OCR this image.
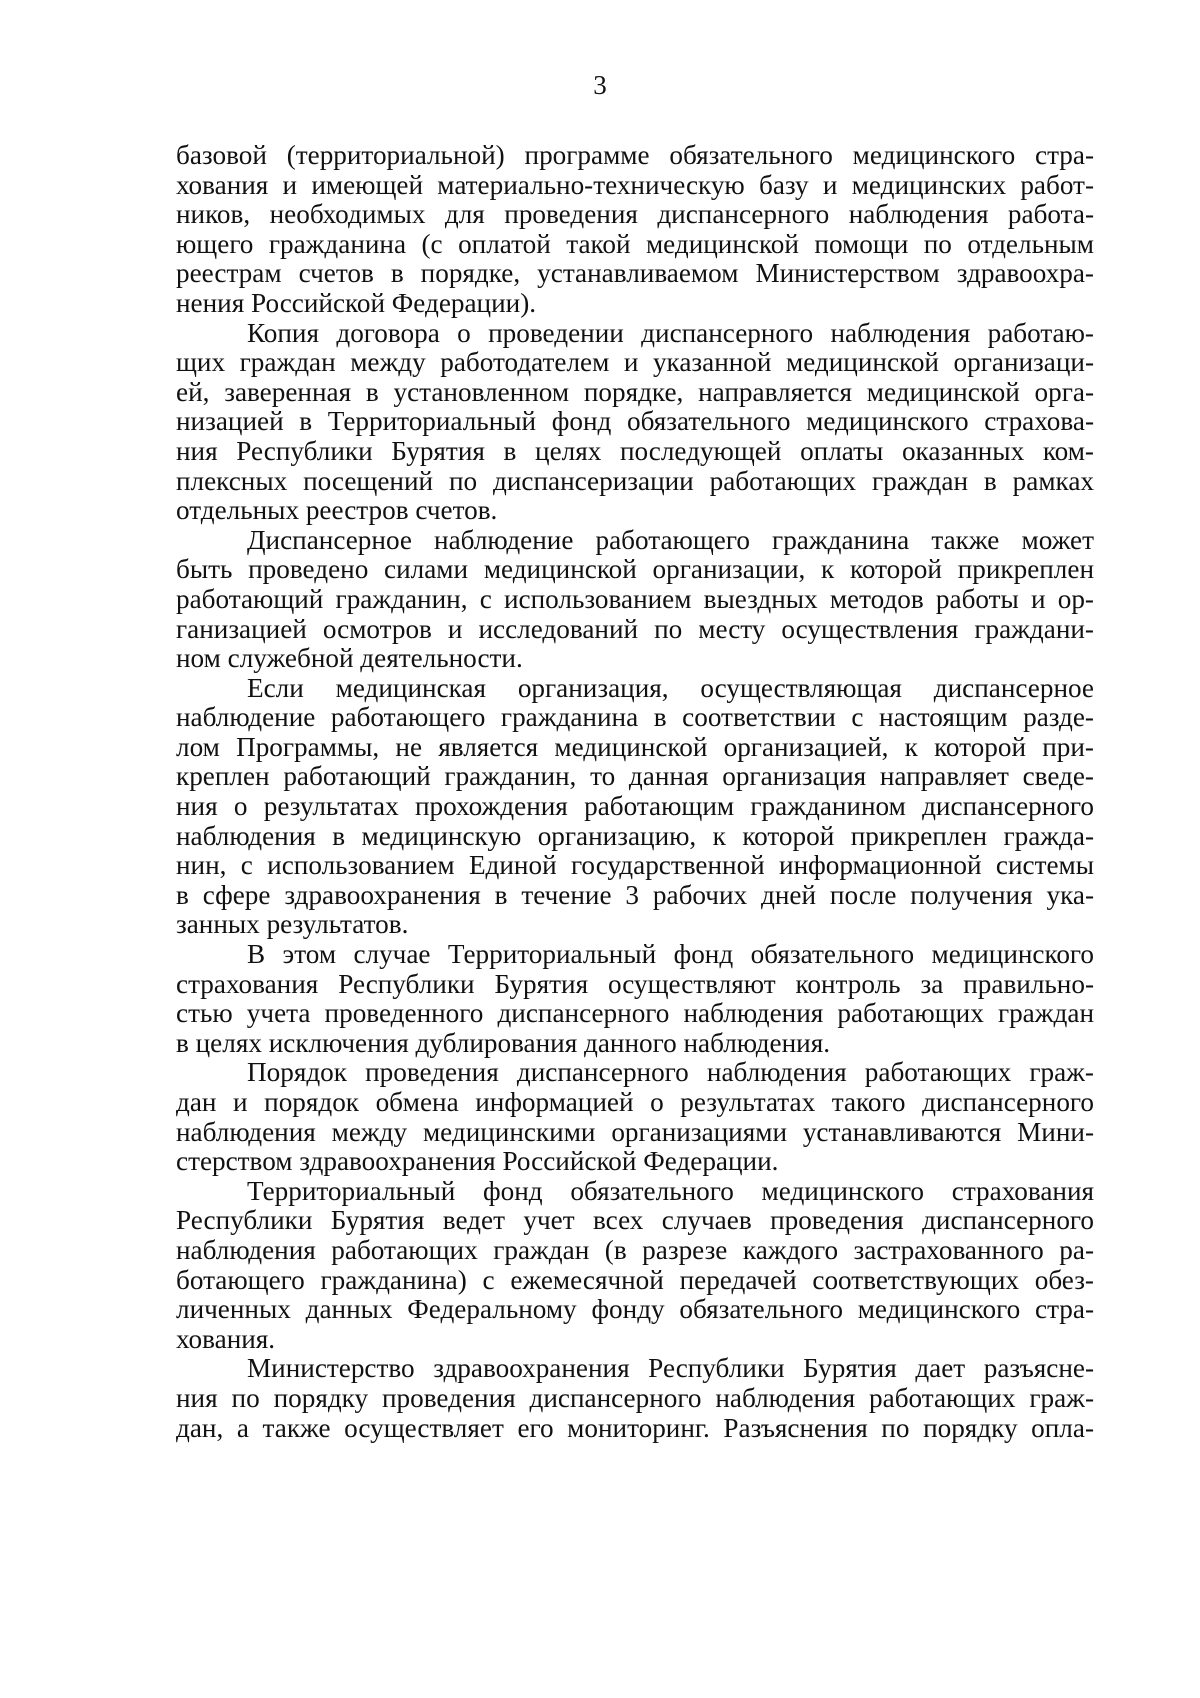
3
базовой (территориальной) программе обязательного медицинского стра-
хования и имеющей материально-техническую базу и медицинских работ-
ников, необходимых для проведения диспансерного наблюдения работа-
ющего гражданина (с оплатой такой медицинской помощи по отдельным
реестрам счетов в порядке, устанавливаемом Министерством здравоохра-
нения Российской Федерации).
Копия договора о проведении диспансерного наблюдения работаю-
щих граждан между работодателем и указанной медицинской организаци-
ей, заверенная в установленном порядке, направляется медицинской орга-
низацией в Территориальный фонд обязательного медицинского страхова-
ния Республики Бурятия в целях последующей оплаты оказанных ком-
плексных посещений по диспансеризации работающих граждан в рамках
отдельных реестров счетов.
Диспансерное наблюдение работающего гражданина также может
быть проведено силами медицинской организации, к которой прикреплен
работающий гражданин, с использованием выездных методов работы и ор-
ганизацией осмотров и исследований по месту осуществления граждани-
ном служебной деятельности.
Если медицинская организация, осуществляющая диспансерное
наблюдение работающего гражданина в соответствии с настоящим разде-
лом Программы, не является медицинской организацией, к которой при-
креплен работающий гражданин, то данная организация направляет сведе-
ния о результатах прохождения работающим гражданином диспансерного
наблюдения в медицинскую организацию, к которой прикреплен гражда-
нин, с использованием Единой государственной информационной системы
в сфере здравоохранения в течение 3 рабочих дней после получения ука-
занных результатов.
В этом случае Территориальный фонд обязательного медицинского
страхования Республики Бурятия осуществляют контроль за правильно-
стью учета проведенного диспансерного наблюдения работающих граждан
в целях исключения дублирования данного наблюдения.
Порядок проведения диспансерного наблюдения работающих граж-
дан и порядок обмена информацией о результатах такого диспансерного
наблюдения между медицинскими организациями устанавливаются Мини-
стерством здравоохранения Российской Федерации.
Территориальный фонд обязательного медицинского страхования
Республики Бурятия ведет учет всех случаев проведения диспансерного
наблюдения работающих граждан (в разрезе каждого застрахованного ра-
ботающего гражданина) с ежемесячной передачей соответствующих обез-
личенных данных Федеральному фонду обязательного медицинского стра-
хования.
Министерство здравоохранения Республики Бурятия дает разъясне-
ния по порядку проведения диспансерного наблюдения работающих граж-
дан, а также осуществляет его мониторинг. Разъяснения по порядку опла-
